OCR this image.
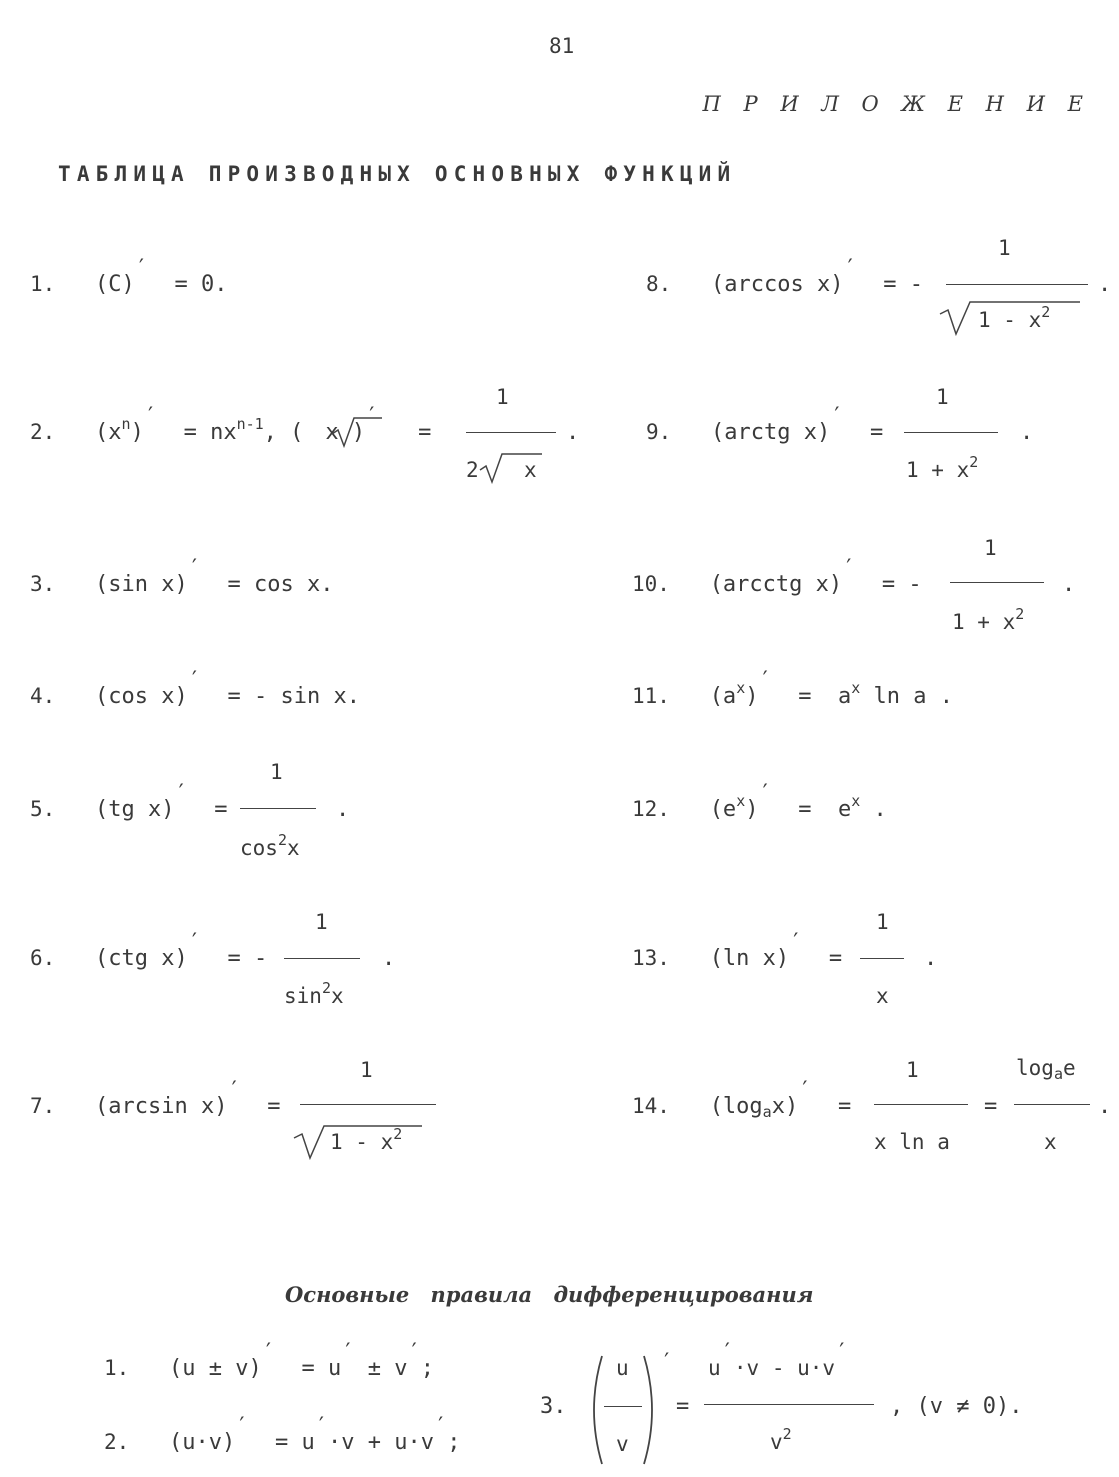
81
П Р И Л О Ж Е Н И Е
ТАБЛИЦА ПРОИЗВОДНЫХ ОСНОВНЫХ ФУНКЦИЙ
1. (C)′  = 0.
2. $(x^n)' = nx^{n-1}$, ( x )′   =
1
2 x
.
3. (sin x)′  = cos x.
4. (cos x)′  = - sin x.
5. (tg x)′  =
1
$\cos^2x$
.
6. (ctg x)′  = -
1
$\sin^2x$
.
7. (arcsin x)′  =
1
$1 - x^2$
8. (arccos x)′  = -
1
$1 - x^2$
.
9. (arctg x)′  =
1
$1 + x^2$
.
10. (arcctg x)′  = -
1
$1 + x^2$
.
11. $(a^x)' = a^x$ ln a .
12. $(e^x)' = e^x$ .
13. (ln x)′  =
1
x
.
14. (logax)′  =
1
x ln a
=
logae
x
.
Основные правила дифференцирования
1. (u ± v)′  = u′ ± v′;
2. (u·v)′  = u′·v + u·v′;
3.
u
v
′
=
u′·v - u·v′
$v^2$
, (v ≠ 0).
